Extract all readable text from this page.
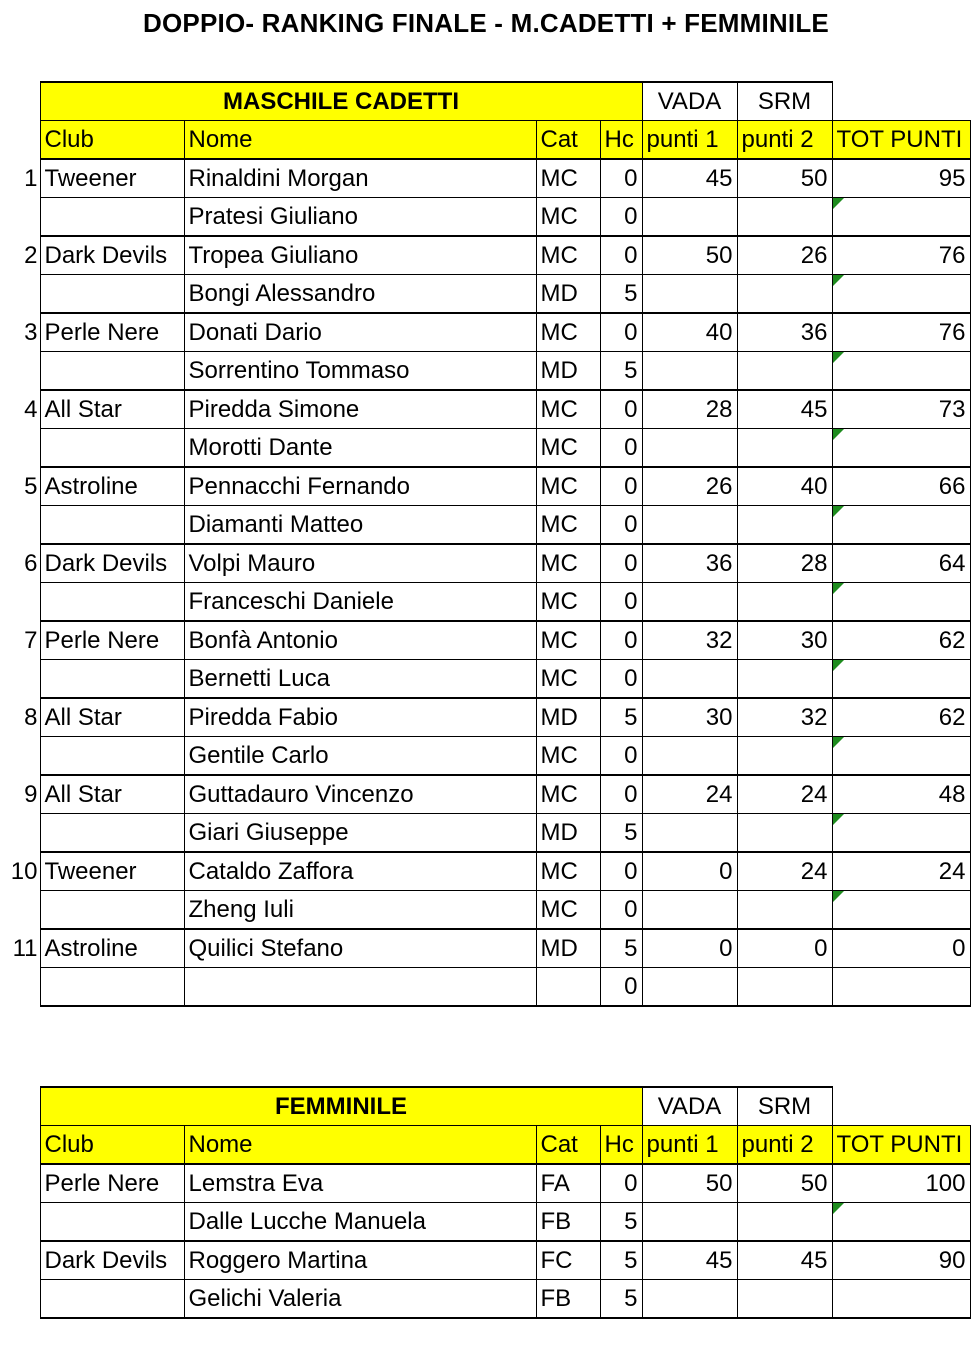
DOPPIO- RANKING FINALE - M.CADETTI + FEMMINILE
	MASCHILE CADETTI				VADA	SRM	
	Club	Nome	Cat	Hc	punti 1	punti 2	TOT PUNTI
1	Tweener	Rinaldini Morgan	MC	0	45	50	95
		Pratesi Giuliano	MC	0			

2	Dark Devils	Tropea Giuliano	MC	0	50	26	76
		Bongi Alessandro	MD	5			

3	Perle Nere	Donati Dario	MC	0	40	36	76
		Sorrentino Tommaso	MD	5			

4	All Star	Piredda Simone	MC	0	28	45	73
		Morotti Dante	MC	0			

5	Astroline	Pennacchi Fernando	MC	0	26	40	66
		Diamanti Matteo	MC	0			

6	Dark Devils	Volpi Mauro	MC	0	36	28	64
		Franceschi Daniele	MC	0			

7	Perle Nere	Bonfà Antonio	MC	0	32	30	62
		Bernetti Luca	MC	0			

8	All Star	Piredda Fabio	MD	5	30	32	62
		Gentile Carlo	MC	0			

9	All Star	Guttadauro Vincenzo	MC	0	24	24	48
		Giari Giuseppe	MD	5			

10	Tweener	Cataldo Zaffora	MC	0	0	24	24
		Zheng Iuli	MC	0			

11	Astroline	Quilici Stefano	MD	5	0	0	0
				0			
	FEMMINILE				VADA	SRM	
	Club	Nome	Cat	Hc	punti 1	punti 2	TOT PUNTI
	Perle Nere	Lemstra Eva	FA	0	50	50	100
		Dalle Lucche Manuela	FB	5			

	Dark Devils	Roggero Martina	FC	5	45	45	90
		Gelichi Valeria	FB	5			
